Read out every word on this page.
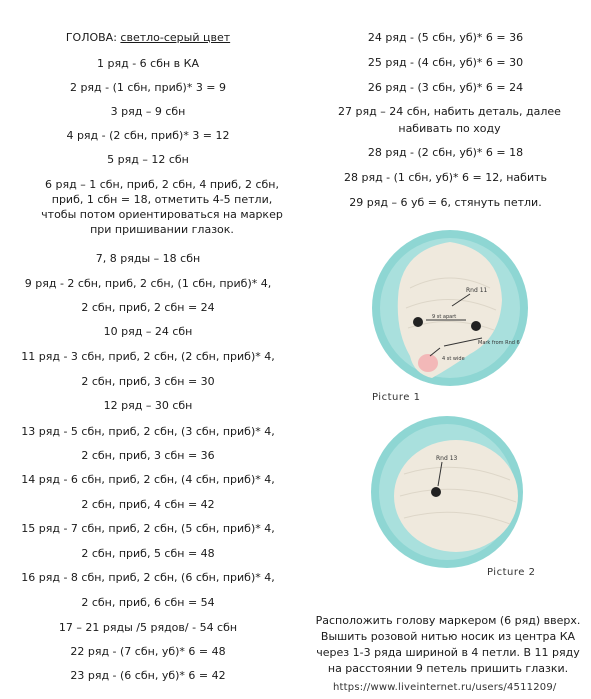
ГОЛОВА: светло-серый цвет
1 ряд - 6 сбн в КА
2 ряд - (1 сбн, приб)* 3 = 9
3 ряд – 9 сбн
4 ряд - (2 сбн, приб)* 3 = 12
5 ряд – 12 сбн
6 ряд – 1 сбн, приб, 2 сбн, 4 приб, 2 сбн, приб, 1 сбн = 18, отметить 4-5 петли, чтобы потом ориентироваться на маркер при пришивании глазок.
7, 8 ряды – 18 сбн
9 ряд - 2 сбн, приб, 2 сбн, (1 сбн, приб)* 4,
2 сбн, приб, 2 сбн = 24
10 ряд – 24 сбн
11 ряд - 3 сбн, приб, 2 сбн, (2 сбн, приб)* 4,
2 сбн, приб, 3 сбн = 30
12 ряд – 30 сбн
13 ряд - 5 сбн, приб, 2 сбн, (3 сбн, приб)* 4,
2 сбн, приб, 3 сбн = 36
14 ряд - 6 сбн, приб, 2 сбн, (4 сбн, приб)* 4,
2 сбн, приб, 4 сбн = 42
15 ряд - 7 сбн, приб, 2 сбн, (5 сбн, приб)* 4,
2 сбн, приб, 5 сбн = 48
16 ряд - 8 сбн, приб, 2 сбн, (6 сбн, приб)* 4,
2 сбн, приб, 6 сбн = 54
17 – 21 ряды /5 рядов/ - 54 сбн
22 ряд - (7 сбн, уб)* 6 = 48
23 ряд - (6 сбн, уб)* 6 = 42
24 ряд - (5 сбн, уб)* 6 = 36
25 ряд - (4 сбн, уб)* 6 = 30
26 ряд - (3 сбн, уб)* 6 = 24
27 ряд – 24 сбн, набить деталь, далее набивать по ходу
28 ряд - (2 сбн, уб)* 6 = 18
28 ряд - (1 сбн, уб)* 6 = 12, набить
29 ряд – 6 уб = 6, стянуть петли.
Rnd 11
9 st apart
Mark from Rnd 6
4 st wide
Picture 1
Rnd 13
Picture 2
Расположить голову маркером (6 ряд) вверх. Вышить розовой нитью носик из центра КА через 1-3 ряда шириной в 4 петли. В 11 ряду на расстоянии 9 петель пришить глазки.
https://www.liveinternet.ru/users/4511209/
